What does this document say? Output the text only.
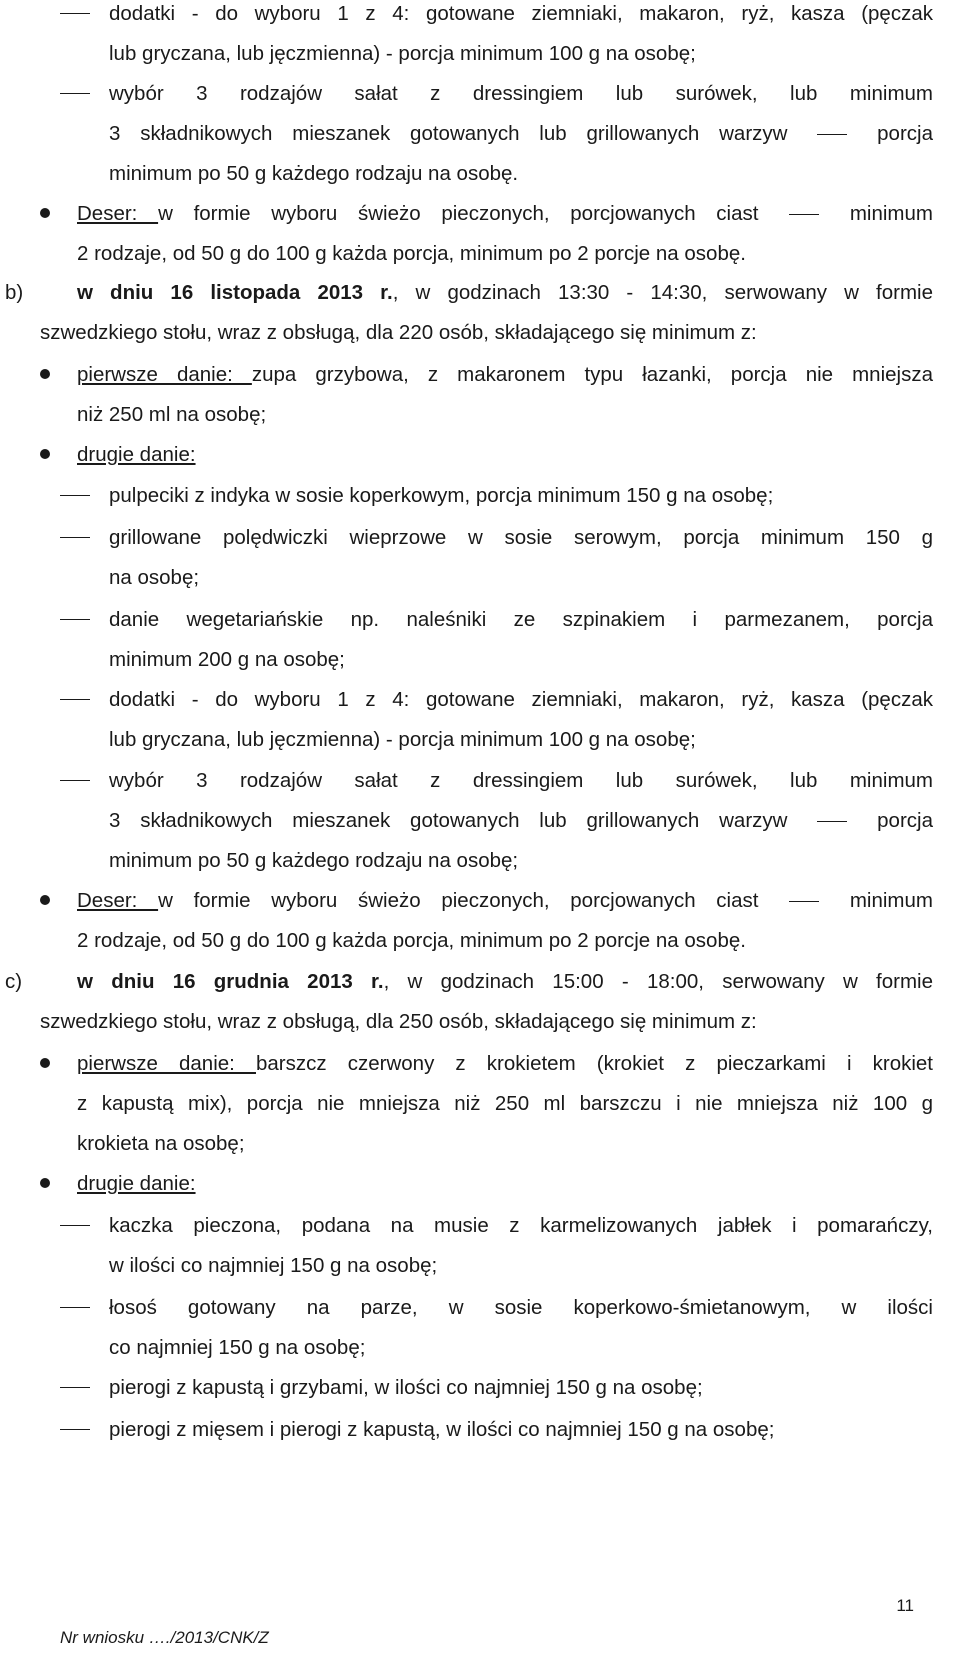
dodatki - do wyboru 1 z 4: gotowane ziemniaki, makaron, ryż, kasza (pęczak
lub gryczana, lub jęczmienna) - porcja minimum 100 g na osobę;
wybór 3 rodzajów sałat z dressingiem lub surówek, lub minimum
3 składnikowych mieszanek gotowanych lub grillowanych warzyw	porcja
minimum po 50 g każdego rodzaju na osobę.
Deser: w formie wyboru świeżo pieczonych, porcjowanych ciast	minimum
2 rodzaje, od 50 g do 100 g każda porcja, minimum po 2 porcje na osobę.
b)	w dniu 16 listopada 2013 r., w godzinach 13:30 - 14:30, serwowany w formie
szwedzkiego stołu, wraz z obsługą, dla 220 osób, składającego się minimum z:
pierwsze danie: zupa grzybowa, z makaronem typu łazanki, porcja nie mniejsza
niż 250 ml na osobę;
drugie danie:
pulpeciki z indyka w sosie koperkowym, porcja minimum 150 g na osobę;
grillowane polędwiczki wieprzowe w sosie serowym, porcja minimum 150 g
na osobę;
danie wegetariańskie np. naleśniki ze szpinakiem i parmezanem, porcja
minimum 200 g na osobę;
dodatki - do wyboru 1 z 4: gotowane ziemniaki, makaron, ryż, kasza (pęczak
lub gryczana, lub jęczmienna) - porcja minimum 100 g na osobę;
wybór 3 rodzajów sałat z dressingiem lub surówek, lub minimum
3 składnikowych mieszanek gotowanych lub grillowanych warzyw	porcja
minimum po 50 g każdego rodzaju na osobę;
Deser: w formie wyboru świeżo pieczonych, porcjowanych ciast	minimum
2 rodzaje, od 50 g do 100 g każda porcja, minimum po 2 porcje na osobę.
c)	w dniu 16 grudnia 2013 r., w godzinach 15:00 - 18:00, serwowany w formie
szwedzkiego stołu, wraz z obsługą, dla 250 osób, składającego się minimum z:
pierwsze danie: barszcz czerwony z krokietem (krokiet z pieczarkami i krokiet
z kapustą mix), porcja nie mniejsza niż 250 ml barszczu i nie mniejsza niż 100 g
krokieta na osobę;
drugie danie:
kaczka pieczona, podana na musie z karmelizowanych jabłek i pomarańczy,
w ilości co najmniej 150 g na osobę;
łosoś gotowany na parze, w sosie koperkowo-śmietanowym, w ilości
co najmniej 150 g na osobę;
pierogi z kapustą i grzybami, w ilości co najmniej 150 g na osobę;
pierogi z mięsem i pierogi z kapustą, w ilości co najmniej 150 g na osobę;
Nr wniosku …./2013/CNK/Z
11
